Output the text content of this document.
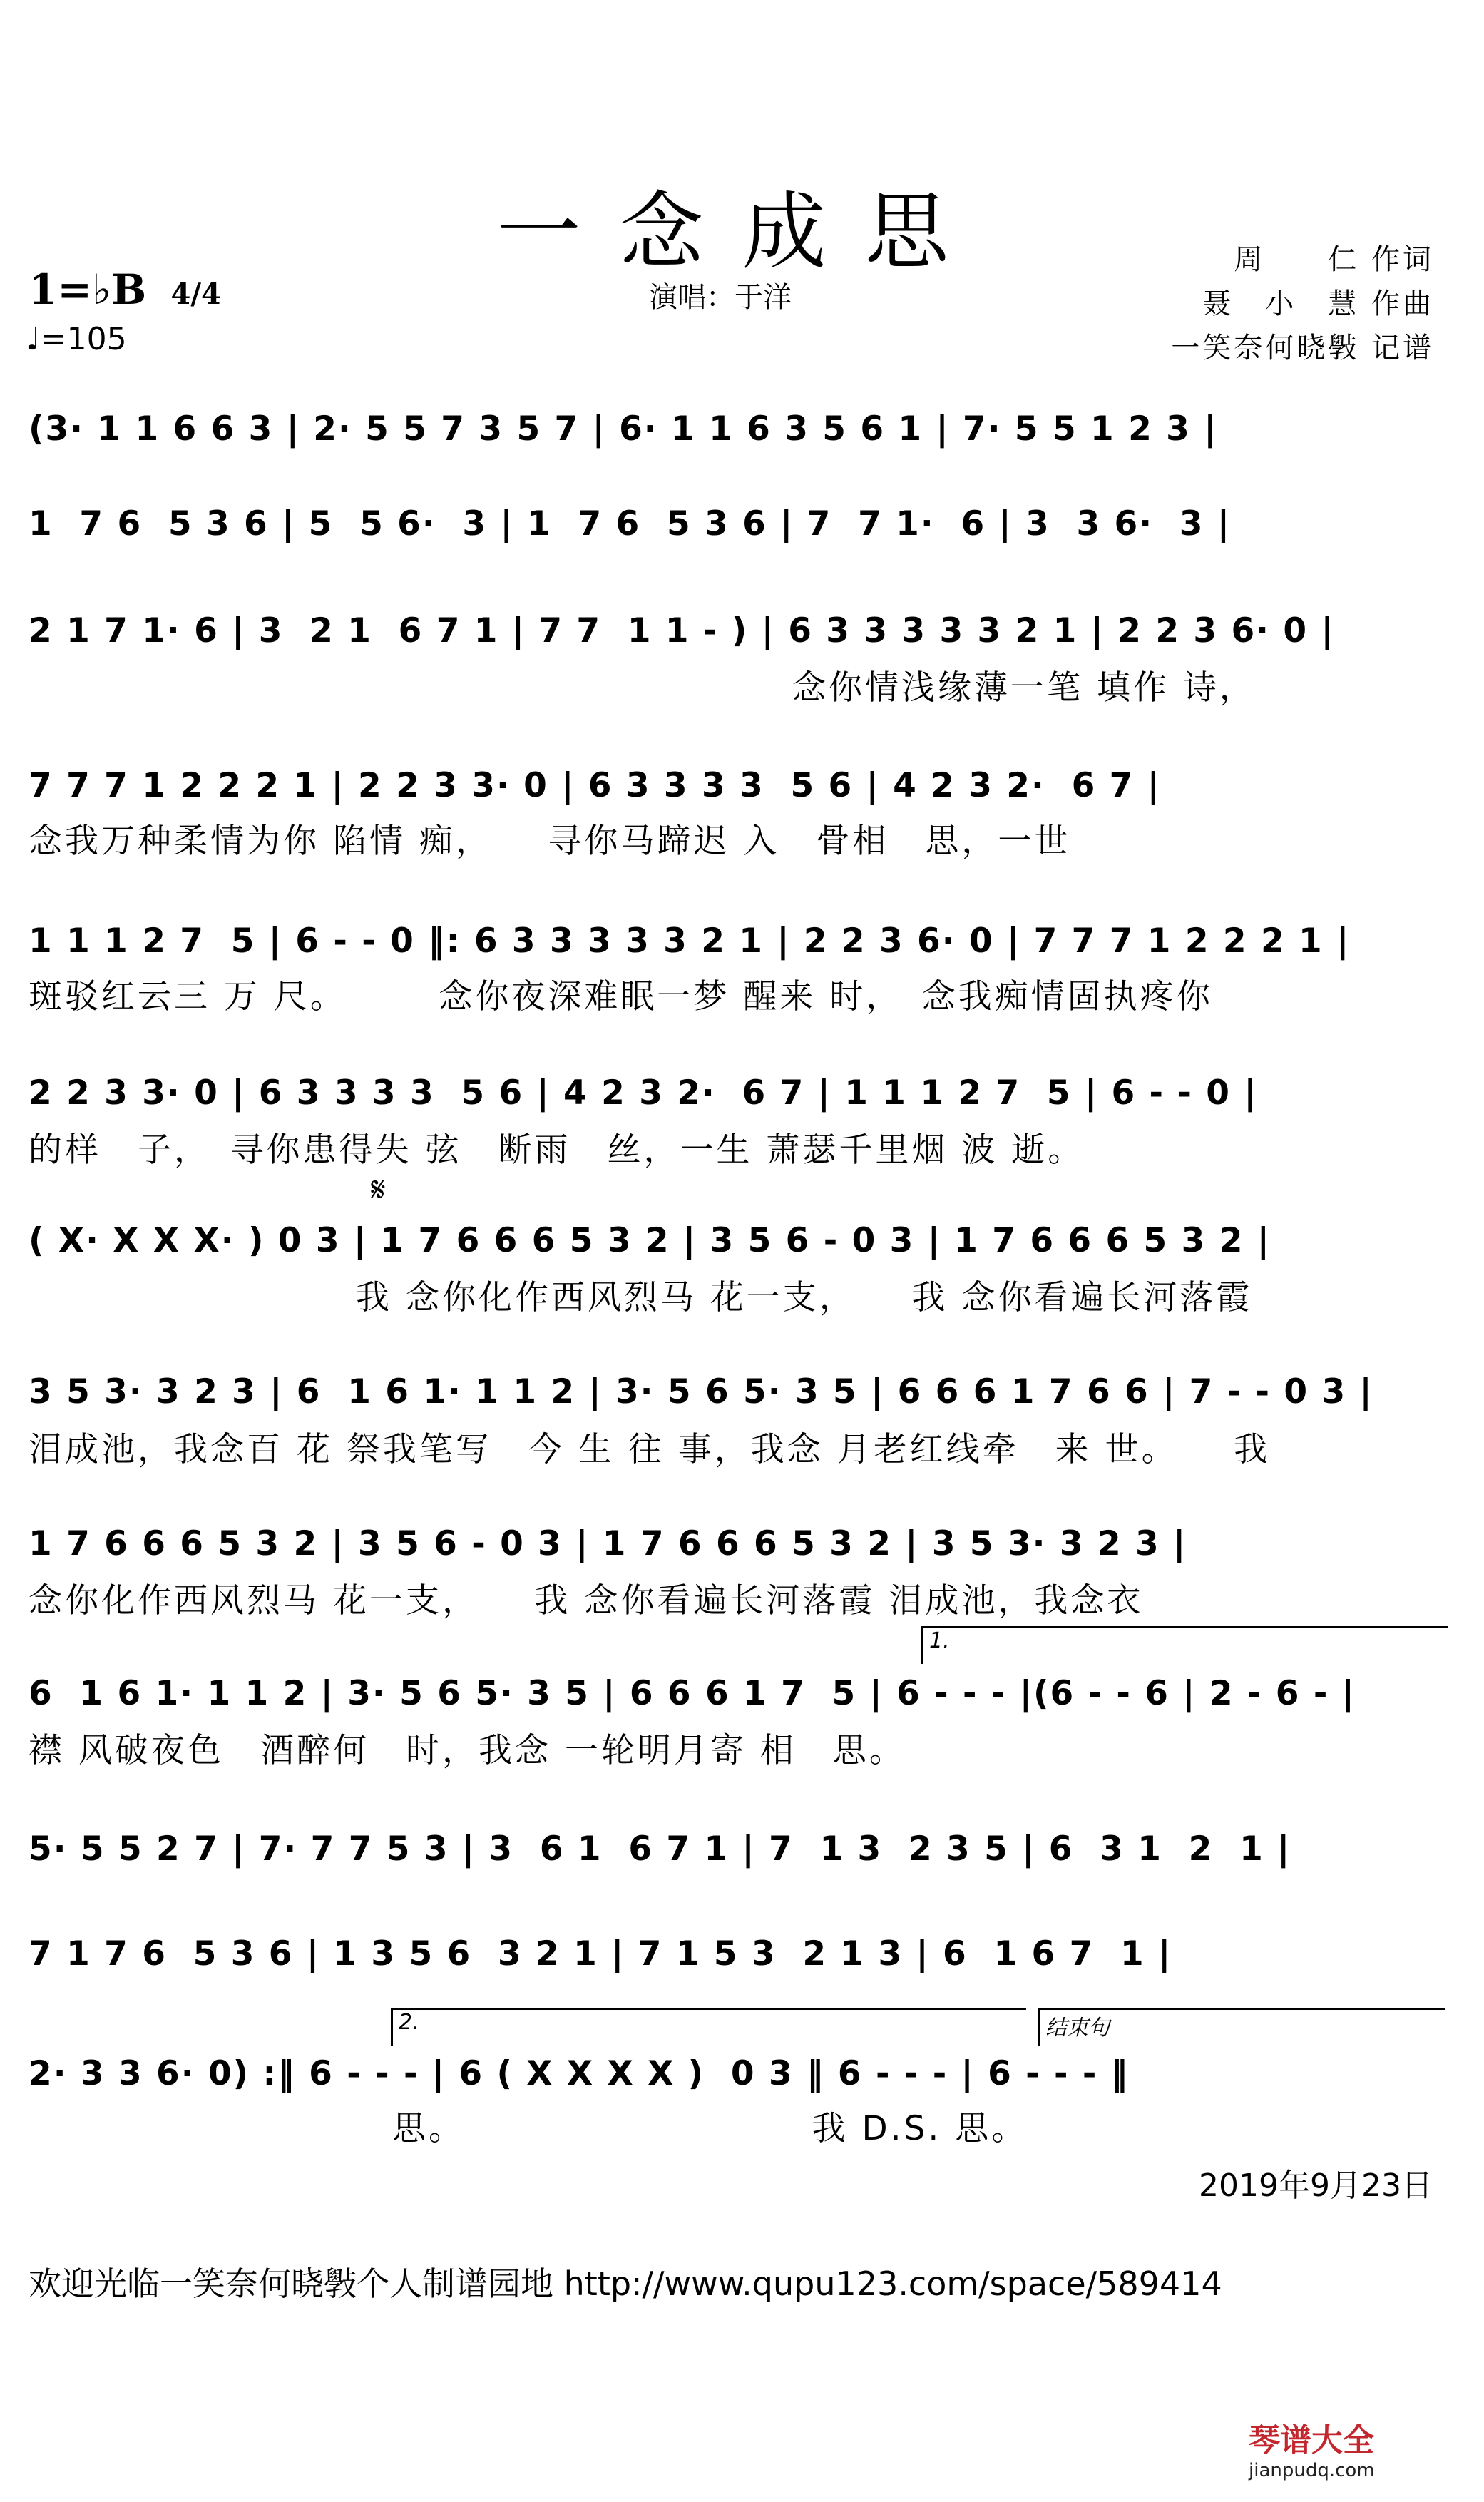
一念成思
1=♭B 4/4
♩=105
演唱：于洋
周　　仁 作词
聂　小　慧 作曲
一笑奈何晓斅 记谱
(3· 1 1 6 6 3 | 2· 5 5 7 3 5 7 | 6· 1 1 6 3 5 6 1 | 7· 5 5 1 2 3 |
1  7 6  5 3 6 | 5  5 6·  3 | 1  7 6  5 3 6 | 7  7 1·  6 | 3  3 6·  3 |
2 1 7 1· 6 | 3  2 1  6 7 1 | 7 7  1 1 - ) | 6 3 3 3 3 3 2 1 | 2 2 3 6· 0 |
　　　　　　　　　　　　　　　　　　　　　念你情浅缘薄一笔 填作 诗，
7 7 7 1 2 2 2 1 | 2 2 3 3· 0 | 6 3 3 3 3  5 6 | 4 2 3 2·  6 7 |
念我万种柔情为你 陷情 痴，　　寻你马蹄迟 入　骨相　思，一世
1 1 1 2 7  5 | 6 - - 0 ‖: 6 3 3 3 3 3 2 1 | 2 2 3 6· 0 | 7 7 7 1 2 2 2 1 |
斑驳红云三 万 尺。　　　念你夜深难眠一梦 醒来 时，　念我痴情固执疼你
2 2 3 3· 0 | 6 3 3 3 3  5 6 | 4 2 3 2·  6 7 | 1 1 1 2 7  5 | 6 - - 0 |
的样　子，　寻你患得失 弦　断雨　丝，一生 萧瑟千里烟 波 逝。
𝄋
( X· X X X· ) 0 3 | 1 7 6 6 6 5 3 2 | 3 5 6 - 0 3 | 1 7 6 6 6 5 3 2 |
　　　　　　　　　我 念你化作西风烈马 花一支，　　我 念你看遍长河落霞
3 5 3· 3 2 3 | 6  1 6 1· 1 1 2 | 3· 5 6 5· 3 5 | 6 6 6 1 7 6 6 | 7 - - 0 3 |
泪成池，我念百 花 祭我笔写　今 生 往 事，我念 月老红线牵　来 世。　　我
1 7 6 6 6 5 3 2 | 3 5 6 - 0 3 | 1 7 6 6 6 5 3 2 | 3 5 3· 3 2 3 |
念你化作西风烈马 花一支，　　我 念你看遍长河落霞 泪成池，我念衣
1.
6  1 6 1· 1 1 2 | 3· 5 6 5· 3 5 | 6 6 6 1 7  5 | 6 - - - |(6 - - 6 | 2 - 6 - |
襟 风破夜色　酒醉何　时，我念 一轮明月寄 相　思。
5· 5 5 2 7 | 7· 7 7 5 3 | 3  6 1  6 7 1 | 7  1 3  2 3 5 | 6  3 1  2  1 |
7 1 7 6  5 3 6 | 1 3 5 6  3 2 1 | 7 1 5 3  2 1 3 | 6  1 6 7  1 |
2.	结束句
2· 3 3 6· 0) :‖ 6 - - - | 6 ( X X X X )  0 3 ‖ 6 - - - | 6 - - - ‖
　　　　　　　　　　思。　　　　　　　　　　我 D.S. 思。
2019年9月23日
欢迎光临一笑奈何晓斅个人制谱园地 http://www.qupu123.com/space/589414
琴谱大全
jianpudq.com
